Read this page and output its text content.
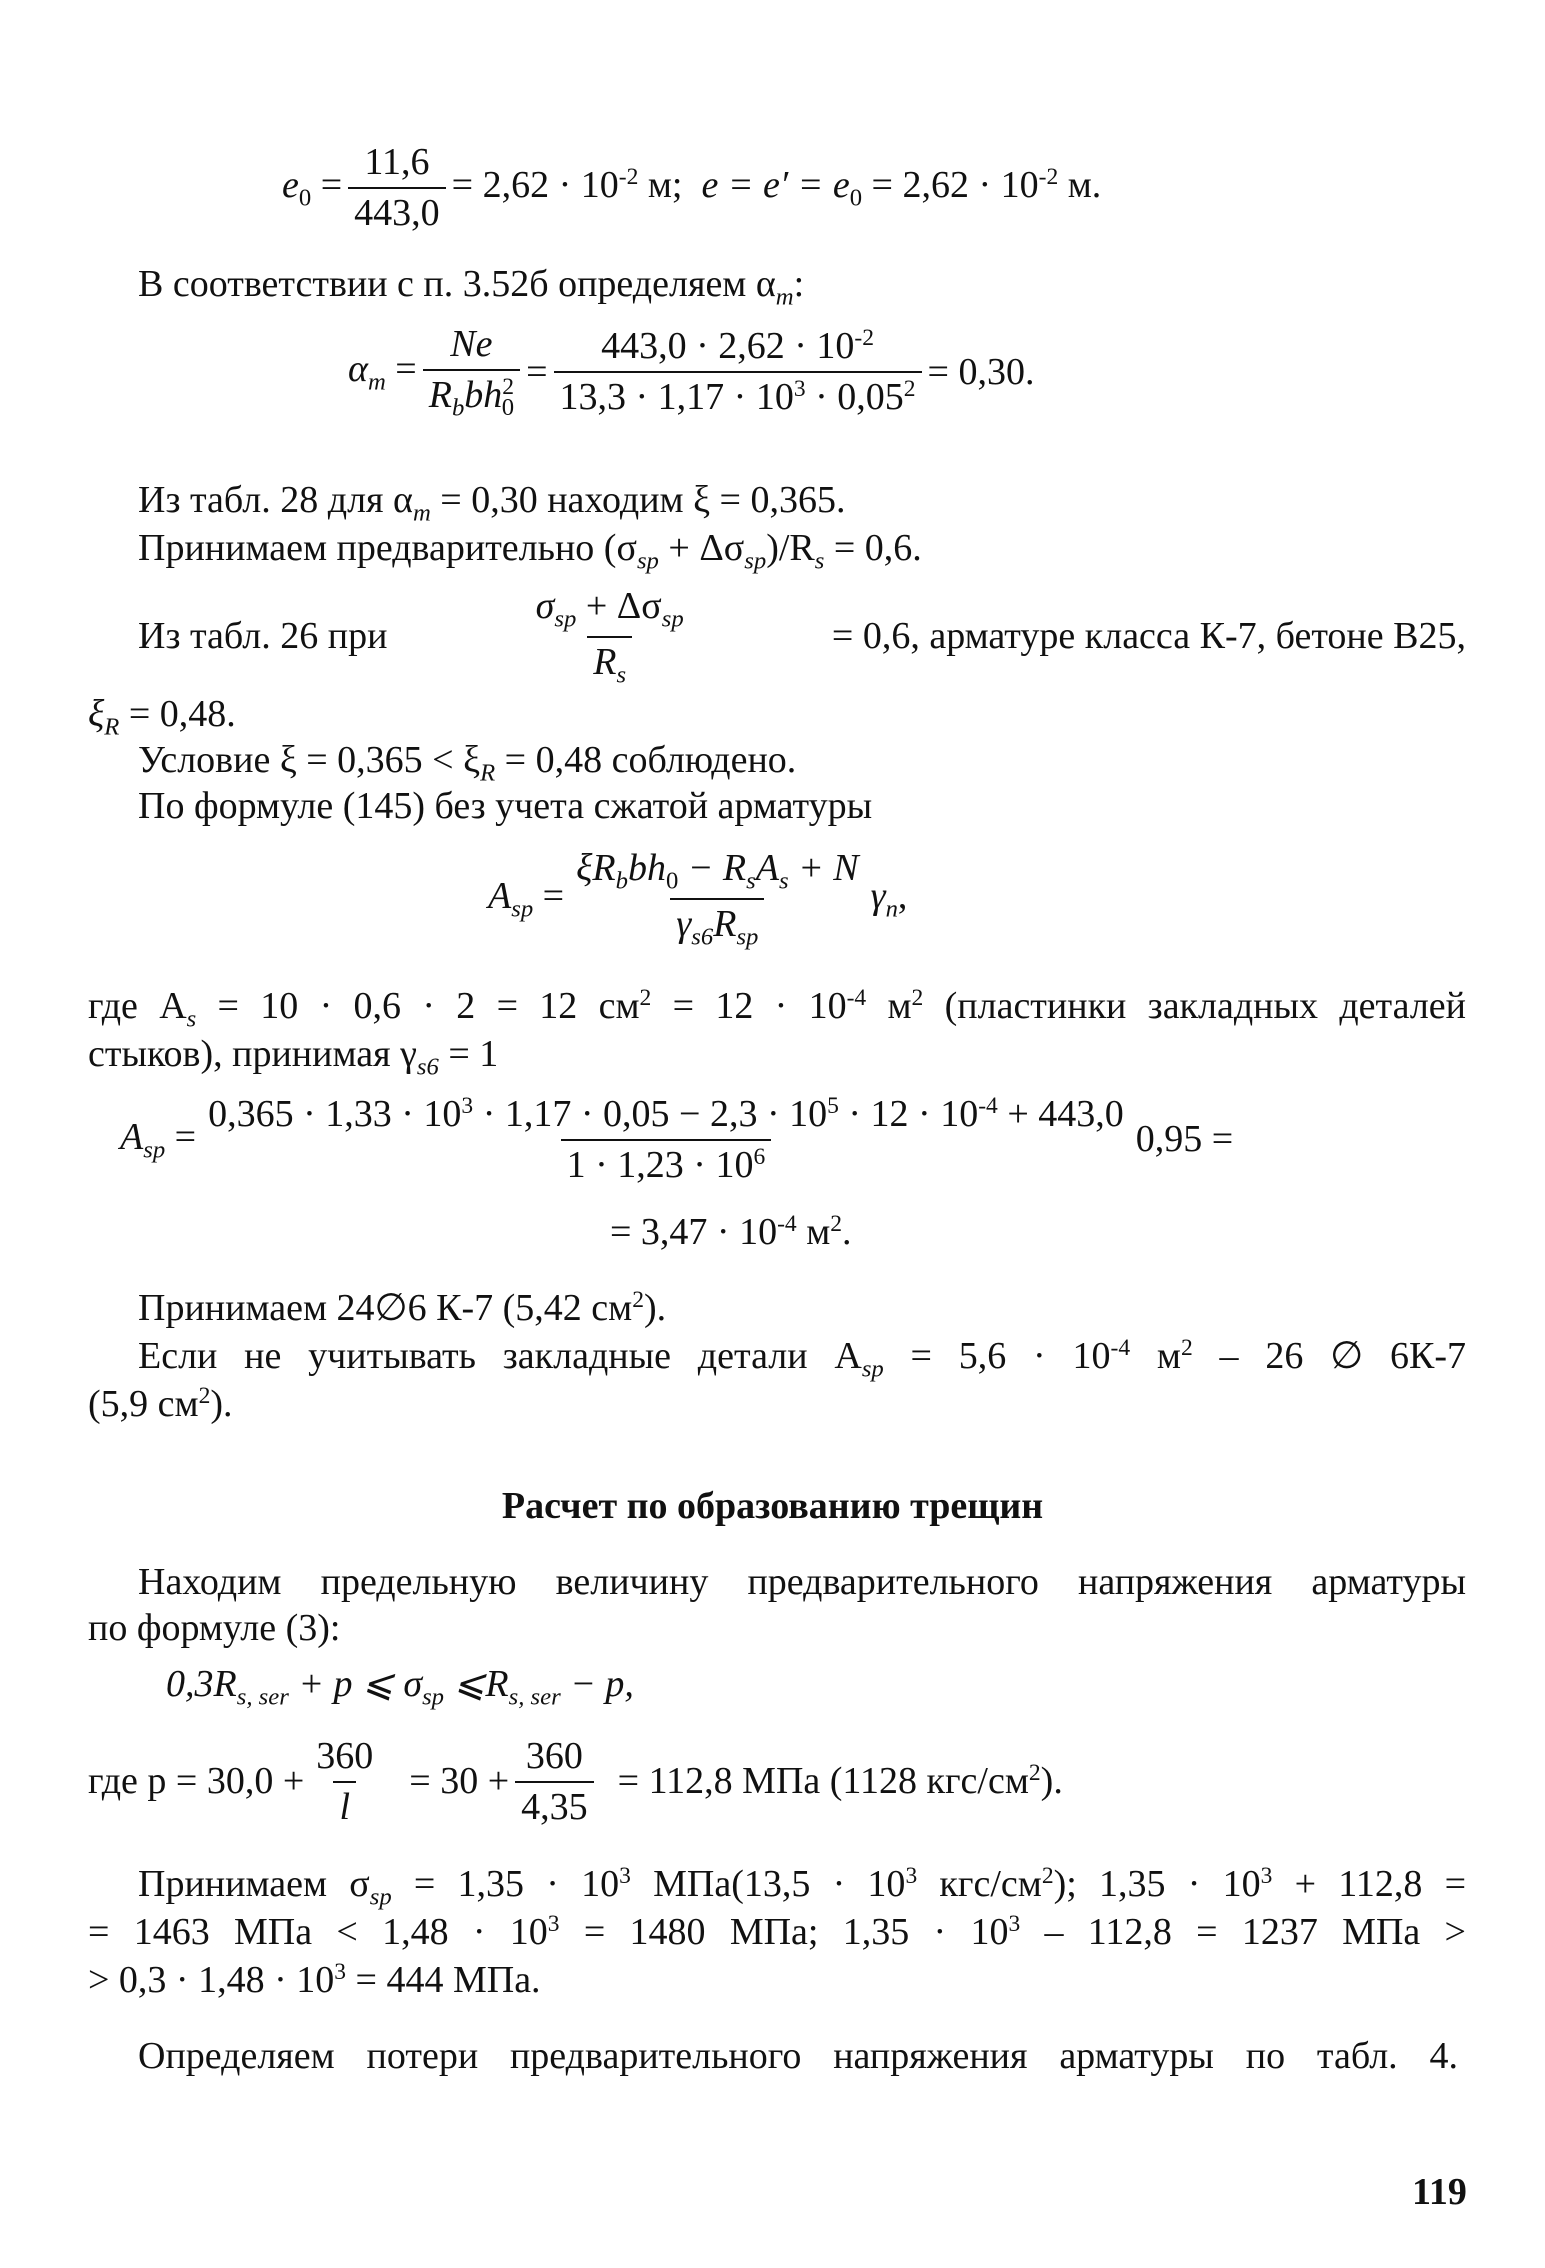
$e_0 = \frac{11,6}{443,0} = 2,62 \cdot 10^{-2}$ м; $e = e' = e_0 = 2,62 \cdot 10^{-2}$ м.
В соответствии с п. 3.52б определяем $\alpha_m$:
$\alpha_m = \frac{Ne}{R_bbh^2_0} = \frac{443,0 \cdot 2,62 \cdot 10^{-2}}{13,3 \cdot 1,17 \cdot 10^3 \cdot 0,05^2} = 0,30$.
Из табл. 28 для $\alpha_m = 0,30$ находим ξ = 0,365.
Принимаем предварительно $(\sigma_{sp} + \Delta\sigma_{sp})/R_s = 0,6$.
Из табл. 26 при	$\frac{\sigma_{sp} + \Delta\sigma_{sp}}{R_s}$	= 0,6, арматуре класса К-7, бетоне В25,
$\xi_R = 0,48$.
Условие $\xi = 0,365 < \xi_R = 0,48$ соблюдено.
По формуле (145) без учета сжатой арматуры
$A_{sp} = \frac{\xi R_bbh_0 - R_sA_s + N}{\gamma_{s6}R_{sp}} \gamma_n$,
где $A_s = 10 \cdot 0,6 \cdot 2 = 12$ $см^2 = 12 \cdot 10^{-4}$ $м^2$ (пластинки закладных деталей
стыков), принимая $\gamma_{s6} = 1$
$A_{sp}$ =
$0,365 \cdot 1,33 \cdot 10^3 \cdot 1,17 \cdot 0,05 - 2,3 \cdot 10^5 \cdot 12 \cdot 10^{-4} + 443,0$
$1 \cdot 1,23 \cdot 10^6$	0,95 =
= $3,47 \cdot 10^{-4}$ $м^2$.
Принимаем 24∅6 К-7 (5,42 $см^2$).
Если не учитывать закладные детали $A_{sp} = 5,6 \cdot 10^{-4}$ $м^2 - 26$ ∅ 6К-7
(5,9 $см^2$).
Расчет по образованию трещин
Находим предельную величину предварительного напряжения арматуры
по формуле (3):
$0,3R_{s, ser} + p$ ⩽ $\sigma_{sp}$ $⩽R_{s, ser} - p$,
где $p = 30,0 + \frac{360}{l} = 30 + \frac{360}{4,35} = 112,8$ МПа (1128 кгс/$см^2$).
Принимаем $\sigma_{sp} = 1,35 \cdot 10^3$ $МПа(13,5 \cdot 10^3$ кгс/$см^2$); $1,35 \cdot 10^3 + 112,8$ =
= 1463 МПа < $1,48 \cdot 10^3 = 1480$ МПа; $1,35 \cdot 10^3 - 112,8 = 1237$ МПа >
> $0,3 \cdot 1,48 \cdot 10^3 = 444$ МПа.
Определяем потери предварительного напряжения арматуры по табл. 4.
119
